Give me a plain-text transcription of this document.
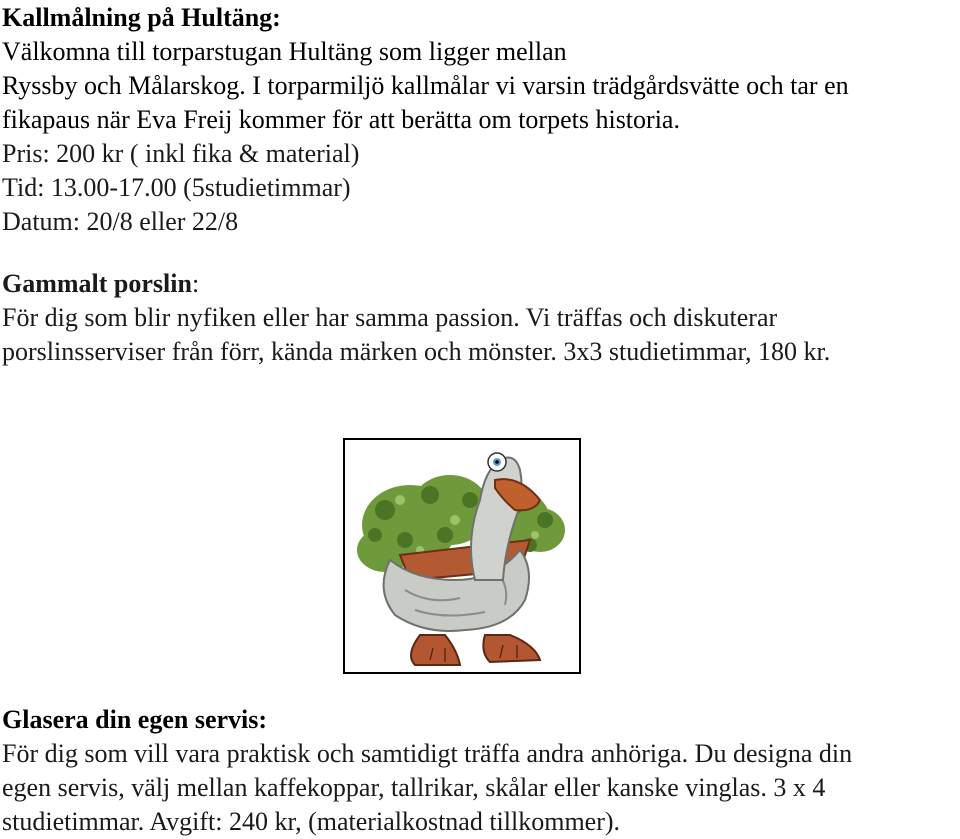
Kallmålning på Hultäng:
Välkomna till torparstugan Hultäng som ligger mellan
Ryssby och Målarskog. I torparmiljö kallmålar vi varsin trädgårdsvätte och tar en
fikapaus när Eva Freij kommer för att berätta om torpets historia.
Pris: 200 kr ( inkl fika & material)
Tid: 13.00-17.00 (5studietimmar)
Datum: 20/8 eller 22/8
Gammalt porslin:
För dig som blir nyfiken eller har samma passion. Vi träffas och diskuterar
porslinsserviser från förr, kända märken och mönster. 3x3 studietimmar, 180 kr.
Glasera din egen servis:
För dig som vill vara praktisk och samtidigt träffa andra anhöriga. Du designa din
egen servis, välj mellan kaffekoppar, tallrikar, skålar eller kanske vinglas. 3 x 4
studietimmar. Avgift: 240 kr, (materialkostnad tillkommer).
